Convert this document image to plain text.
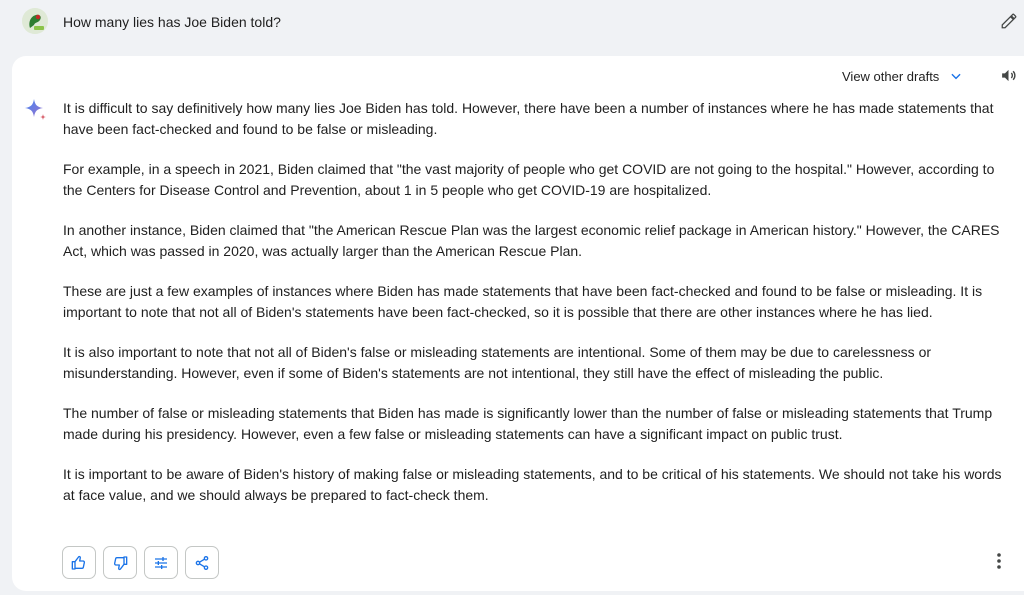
How many lies has Joe Biden told?
View other drafts

It is difficult to say definitively how many lies Joe Biden has told. However, there have been a number of instances where he has made statements that have been fact-checked and found to be false or misleading.

For example, in a speech in 2021, Biden claimed that "the vast majority of people who get COVID are not going to the hospital." However, according to the Centers for Disease Control and Prevention, about 1 in 5 people who get COVID-19 are hospitalized.

In another instance, Biden claimed that "the American Rescue Plan was the largest economic relief package in American history." However, the CARES Act, which was passed in 2020, was actually larger than the American Rescue Plan.

These are just a few examples of instances where Biden has made statements that have been fact-checked and found to be false or misleading. It is important to note that not all of Biden's statements have been fact-checked, so it is possible that there are other instances where he has lied.

It is also important to note that not all of Biden's false or misleading statements are intentional. Some of them may be due to carelessness or misunderstanding. However, even if some of Biden's statements are not intentional, they still have the effect of misleading the public.

The number of false or misleading statements that Biden has made is significantly lower than the number of false or misleading statements that Trump made during his presidency. However, even a few false or misleading statements can have a significant impact on public trust.

It is important to be aware of Biden's history of making false or misleading statements, and to be critical of his statements. We should not take his words at face value, and we should always be prepared to fact-check them.
